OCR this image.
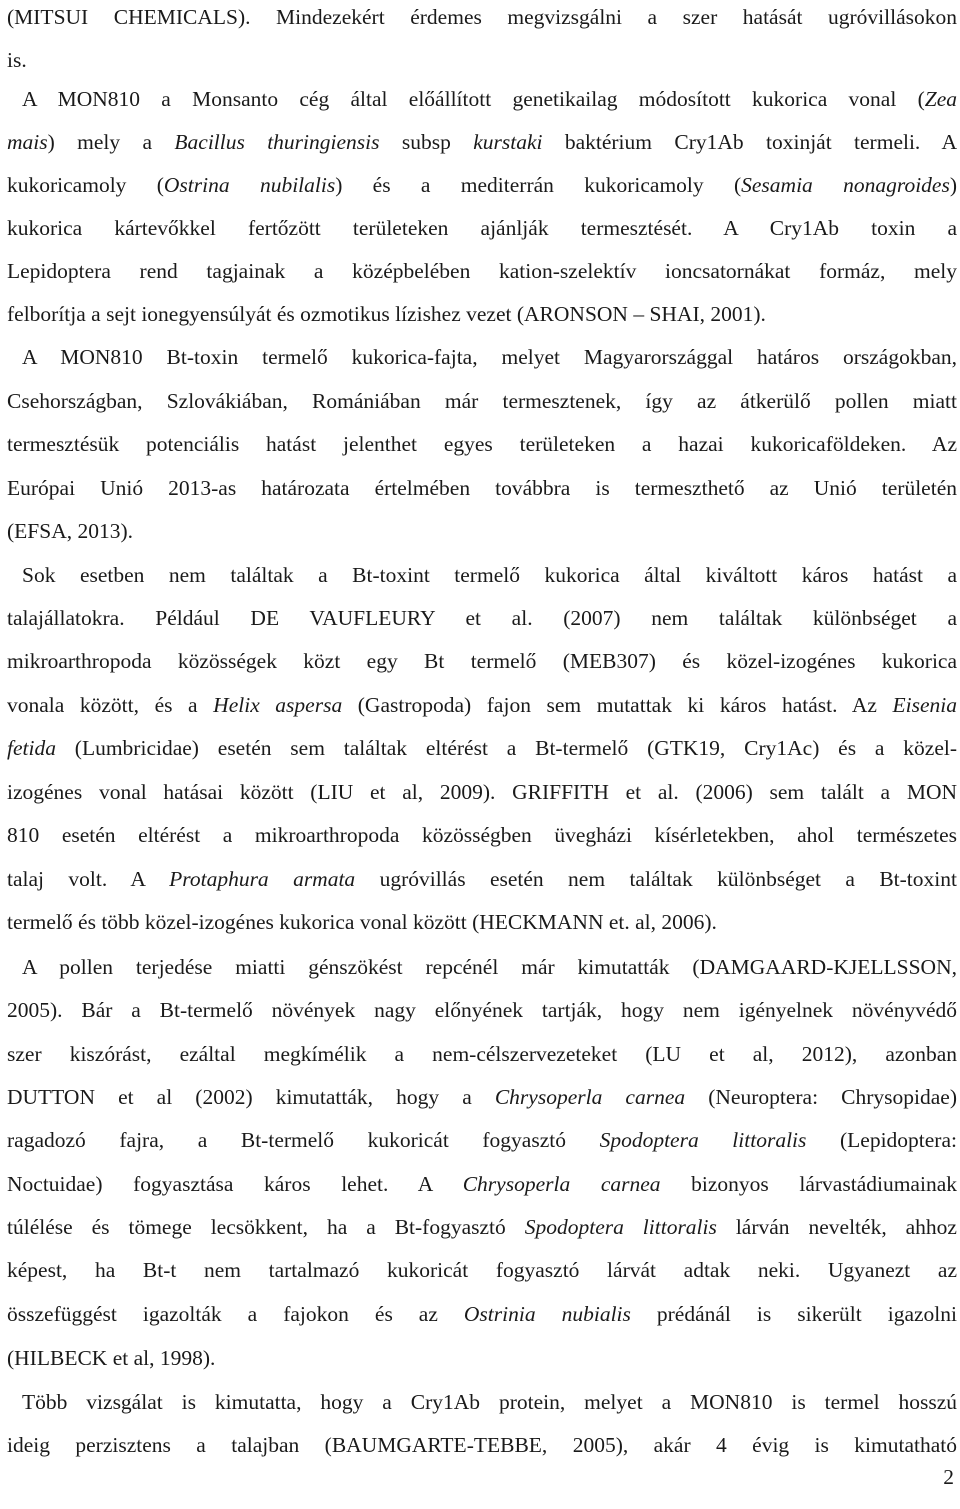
(MITSUI CHEMICALS). Mindezekért érdemes megvizsgálni a szer hatását ugróvillásokon
is.
A MON810 a Monsanto cég által előállított genetikailag módosított kukorica vonal (Zea
mais) mely a Bacillus thuringiensis subsp kurstaki baktérium Cry1Ab toxinját termeli. A
kukoricamoly (Ostrina nubilalis) és a mediterrán kukoricamoly (Sesamia nonagroides)
kukorica kártevőkkel fertőzött területeken ajánlják termesztését. A Cry1Ab toxin a
Lepidoptera rend tagjainak a középbelében kation-szelektív ioncsatornákat formáz, mely
felborítja a sejt ionegyensúlyát és ozmotikus lízishez vezet (ARONSON – SHAI, 2001).
A MON810 Bt-toxin termelő kukorica-fajta, melyet Magyarországgal határos országokban,
Csehországban, Szlovákiában, Romániában már termesztenek, így az átkerülő pollen miatt
termesztésük potenciális hatást jelenthet egyes területeken a hazai kukoricaföldeken. Az
Európai Unió 2013-as határozata értelmében továbbra is termeszthető az Unió területén
(EFSA, 2013).
Sok esetben nem találtak a Bt-toxint termelő kukorica által kiváltott káros hatást a
talajállatokra. Például DE VAUFLEURY et al. (2007) nem találtak különbséget a
mikroarthropoda közösségek közt egy Bt termelő (MEB307) és közel-izogénes kukorica
vonala között, és a Helix aspersa (Gastropoda) fajon sem mutattak ki káros hatást. Az Eisenia
fetida (Lumbricidae) esetén sem találtak eltérést a Bt-termelő (GTK19, Cry1Ac) és a közel-
izogénes vonal hatásai között (LIU et al, 2009). GRIFFITH et al. (2006) sem talált a MON
810 esetén eltérést a mikroarthropoda közösségben üvegházi kísérletekben, ahol természetes
talaj volt. A Protaphura armata ugróvillás esetén nem találtak különbséget a Bt-toxint
termelő és több közel-izogénes kukorica vonal között (HECKMANN et. al, 2006).
A pollen terjedése miatti génszökést repcénél már kimutatták (DAMGAARD-KJELLSSON,
2005). Bár a Bt-termelő növények nagy előnyének tartják, hogy nem igényelnek növényvédő
szer kiszórást, ezáltal megkímélik a nem-célszervezeteket (LU et al, 2012), azonban
DUTTON et al (2002) kimutatták, hogy a Chrysoperla carnea (Neuroptera: Chrysopidae)
ragadozó fajra, a Bt-termelő kukoricát fogyasztó Spodoptera littoralis (Lepidoptera:
Noctuidae) fogyasztása káros lehet. A Chrysoperla carnea bizonyos lárvastádiumainak
túlélése és tömege lecsökkent, ha a Bt-fogyasztó Spodoptera littoralis lárván nevelték, ahhoz
képest, ha Bt-t nem tartalmazó kukoricát fogyasztó lárvát adtak neki. Ugyanezt az
összefüggést igazolták a fajokon és az Ostrinia nubialis prédánál is sikerült igazolni
(HILBECK et al, 1998).
Több vizsgálat is kimutatta, hogy a Cry1Ab protein, melyet a MON810 is termel hosszú
ideig perzisztens a talajban (BAUMGARTE-TEBBE, 2005), akár 4 évig is kimutatható
2
